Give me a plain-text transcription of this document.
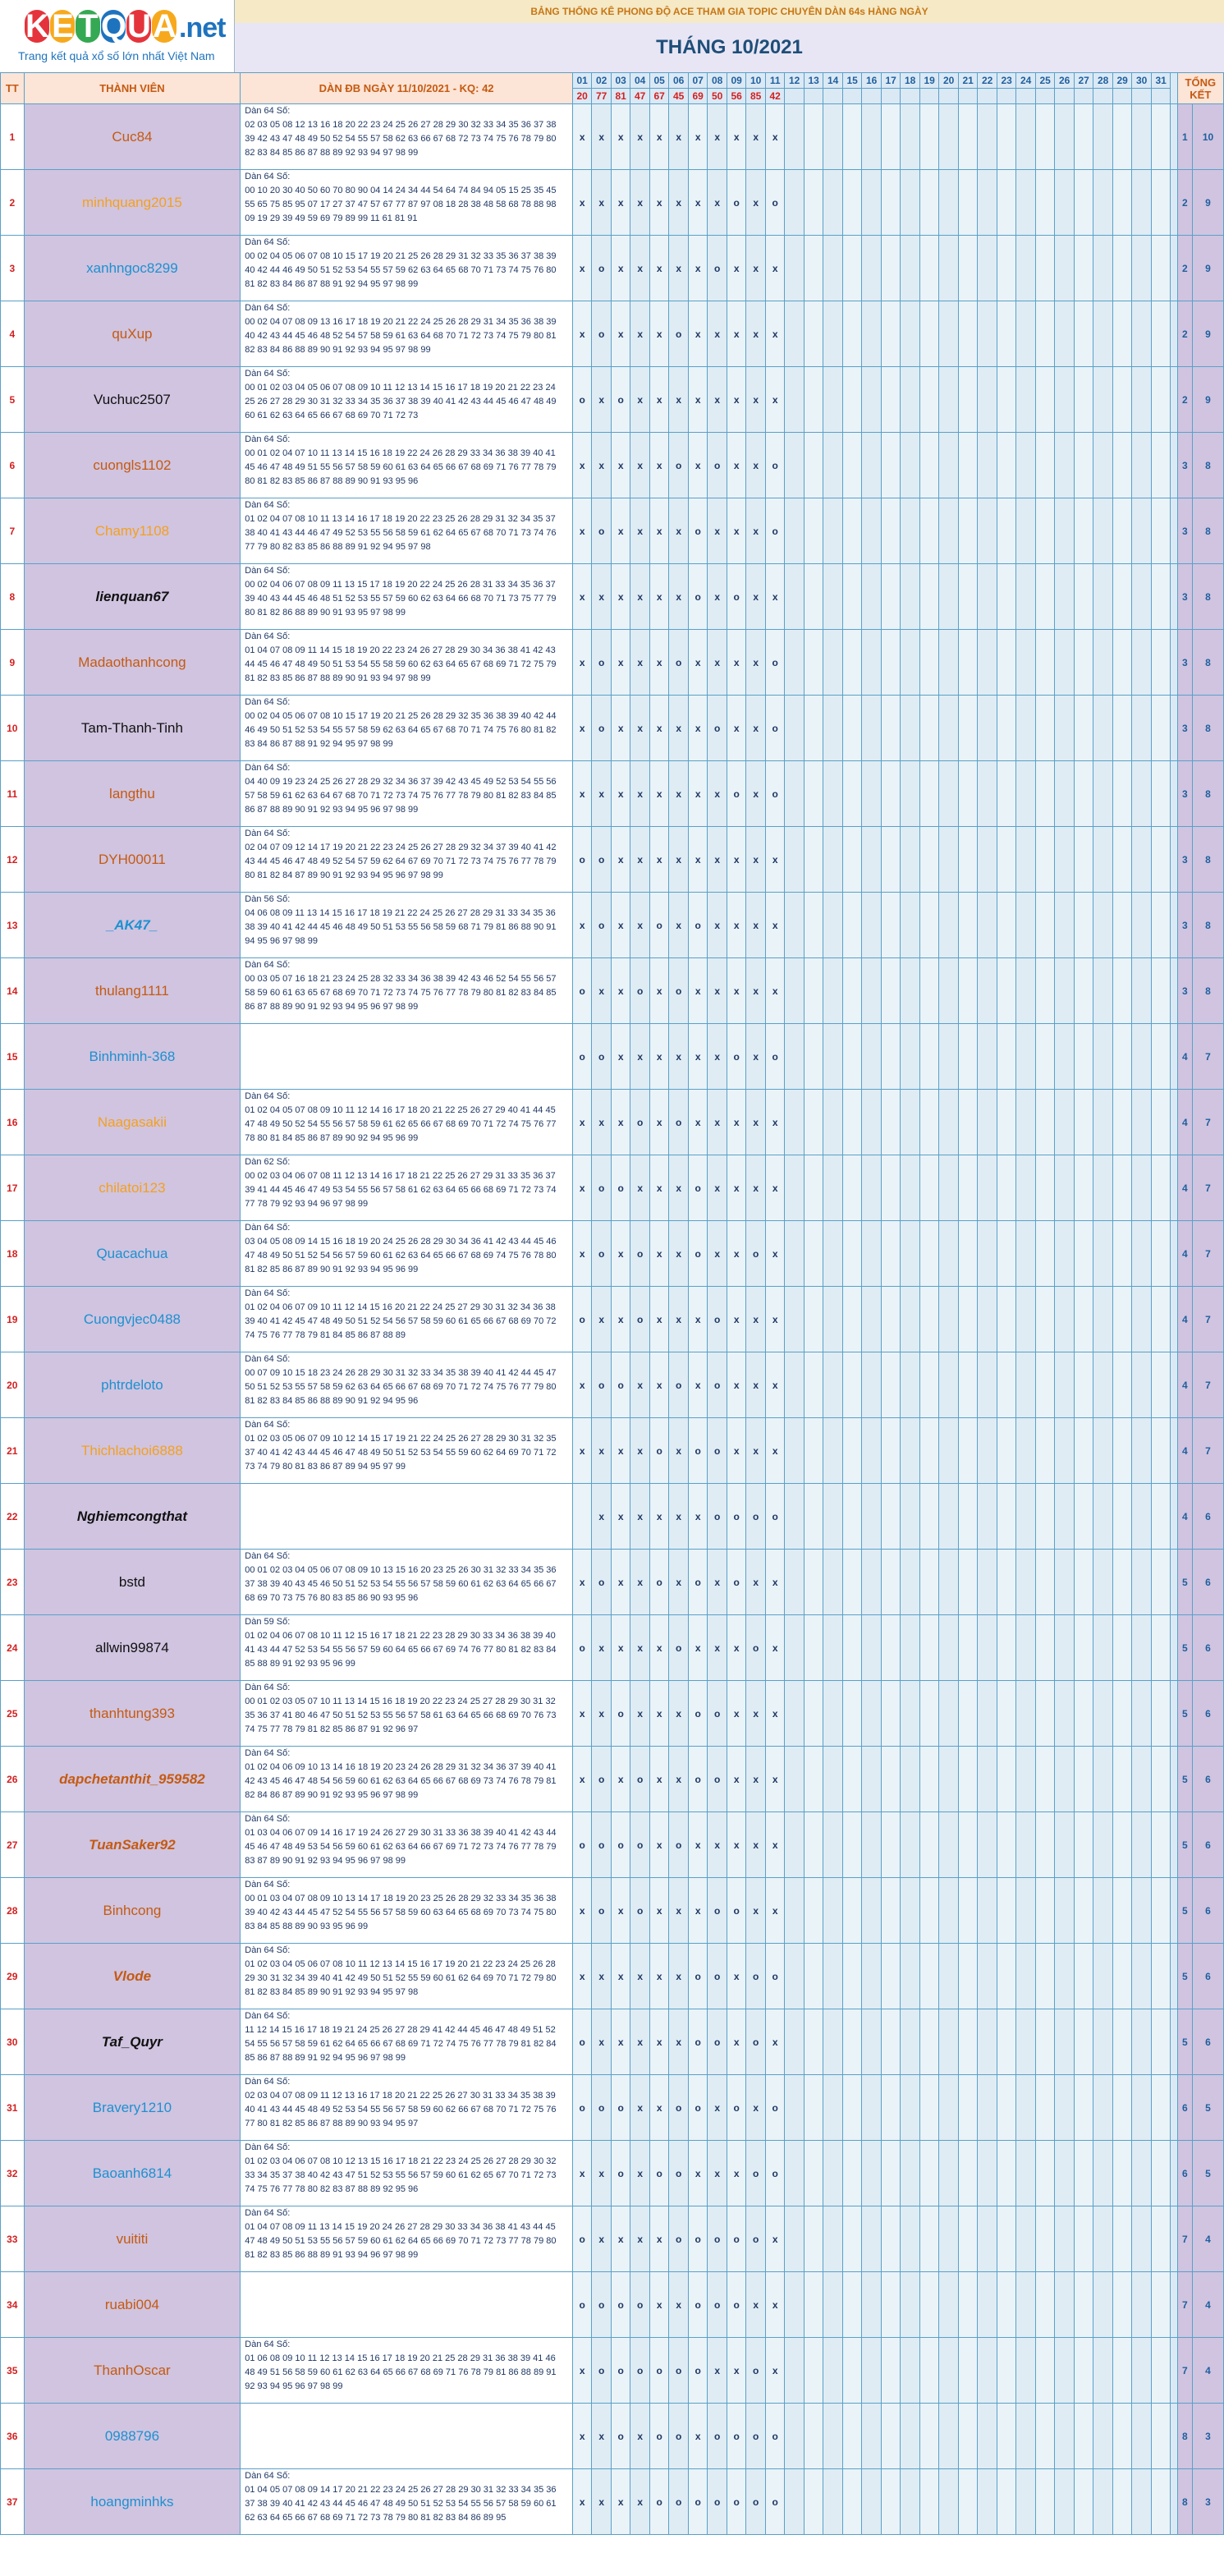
K E T QUA .net
Trang kết quả xổ số lớn nhất Việt Nam
BẢNG THỐNG KÊ PHONG ĐỘ ACE THAM GIA TOPIC CHUYÊN DÀN 64s HÀNG NGÀY
THÁNG 10/2021
TT	THÀNH VIÊN	DÀN ĐB NGÀY 11/10/2021 - KQ: 42	01	02	03	04	05	06	07	08	09	10	11	12	13	14	15	16	17	18	19	20	21	22	23	24	25	26	27	28	29	30	31		TỔNG KẾT	
			20	77	81	47	67	45	69	50	56	85	42																							
1	Cuc84	Dàn 64 Số:
02 03 05 08 12 13 16 18 20 22 23 24 25 26 27 28 29 30 32 33 34 35 36 37 38 39 42 43 47 48 49 50 52 54 55 57 58 62 63 66 67 68 72 73 74 75 76 78 79 80 82 83 84 85 86 87 88 89 92 93 94 97 98 99	x	x	x	x	x	x	x	x	x	x	x																						1	10
2	minhquang2015	Dàn 64 Số:
00 10 20 30 40 50 60 70 80 90 04 14 24 34 44 54 64 74 84 94 05 15 25 35 45 55 65 75 85 95 07 17 27 37 47 57 67 77 87 97 08 18 28 38 48 58 68 78 88 98 09 19 29 39 49 59 69 79 89 99 11 61 81 91	x	x	x	x	x	x	x	x	o	x	o																						2	9
3	xanhngoc8299	Dàn 64 Số:
00 02 04 05 06 07 08 10 15 17 19 20 21 25 26 28 29 31 32 33 35 36 37 38 39 40 42 44 46 49 50 51 52 53 54 55 57 59 62 63 64 65 68 70 71 73 74 75 76 80 81 82 83 84 86 87 88 91 92 94 95 97 98 99	x	o	x	x	x	x	x	o	x	x	x																						2	9
4	quXup	Dàn 64 Số:
00 02 04 07 08 09 13 16 17 18 19 20 21 22 24 25 26 28 29 31 34 35 36 38 39 40 42 43 44 45 46 48 52 54 57 58 59 61 63 64 68 70 71 72 73 74 75 79 80 81 82 83 84 86 88 89 90 91 92 93 94 95 97 98 99	x	o	x	x	x	o	x	x	x	x	x																						2	9
5	Vuchuc2507	Dàn 64 Số:
00 01 02 03 04 05 06 07 08 09 10 11 12 13 14 15 16 17 18 19 20 21 22 23 24 25 26 27 28 29 30 31 32 33 34 35 36 37 38 39 40 41 42 43 44 45 46 47 48 49 60 61 62 63 64 65 66 67 68 69 70 71 72 73	o	x	o	x	x	x	x	x	x	x	x																						2	9
6	cuongls1102	Dàn 64 Số:
00 01 02 04 07 10 11 13 14 15 16 18 19 22 24 26 28 29 33 34 36 38 39 40 41 45 46 47 48 49 51 55 56 57 58 59 60 61 63 64 65 66 67 68 69 71 76 77 78 79 80 81 82 83 85 86 87 88 89 90 91 93 95 96	x	x	x	x	x	o	x	o	x	x	o																						3	8
7	Chamy1108	Dàn 64 Số:
01 02 04 07 08 10 11 13 14 16 17 18 19 20 22 23 25 26 28 29 31 32 34 35 37 38 40 41 43 44 46 47 49 52 53 55 56 58 59 61 62 64 65 67 68 70 71 73 74 76 77 79 80 82 83 85 86 88 89 91 92 94 95 97 98	x	o	x	x	x	x	o	x	x	x	o																						3	8
8	lienquan67	Dàn 64 Số:
00 02 04 06 07 08 09 11 13 15 17 18 19 20 22 24 25 26 28 31 33 34 35 36 37 39 40 43 44 45 46 48 51 52 53 55 57 59 60 62 63 64 66 68 70 71 73 75 77 79 80 81 82 86 88 89 90 91 93 95 97 98 99	x	x	x	x	x	x	o	x	o	x	x																						3	8
9	Madaothanhcong	Dàn 64 Số:
01 04 07 08 09 11 14 15 18 19 20 22 23 24 26 27 28 29 30 34 36 38 41 42 43 44 45 46 47 48 49 50 51 53 54 55 58 59 60 62 63 64 65 67 68 69 71 72 75 79 81 82 83 85 86 87 88 89 90 91 93 94 97 98 99	x	o	x	x	x	o	x	x	x	x	o																						3	8
10	Tam-Thanh-Tinh	Dàn 64 Số:
00 02 04 05 06 07 08 10 15 17 19 20 21 25 26 28 29 32 35 36 38 39 40 42 44 46 49 50 51 52 53 54 55 57 58 59 62 63 64 65 67 68 70 71 74 75 76 80 81 82 83 84 86 87 88 91 92 94 95 97 98 99	x	o	x	x	x	x	x	o	x	x	o																						3	8
11	langthu	Dàn 64 Số:
04 40 09 19 23 24 25 26 27 28 29 32 34 36 37 39 42 43 45 49 52 53 54 55 56 57 58 59 61 62 63 64 67 68 70 71 72 73 74 75 76 77 78 79 80 81 82 83 84 85 86 87 88 89 90 91 92 93 94 95 96 97 98 99	x	x	x	x	x	x	x	x	o	x	o																						3	8
12	DYH00011	Dàn 64 Số:
02 04 07 09 12 14 17 19 20 21 22 23 24 25 26 27 28 29 32 34 37 39 40 41 42 43 44 45 46 47 48 49 52 54 57 59 62 64 67 69 70 71 72 73 74 75 76 77 78 79 80 81 82 84 87 89 90 91 92 93 94 95 96 97 98 99	o	o	x	x	x	x	x	x	x	x	x																						3	8
13	_AK47_	Dàn 56 Số:
04 06 08 09 11 13 14 15 16 17 18 19 21 22 24 25 26 27 28 29 31 33 34 35 36 38 39 40 41 42 44 45 46 48 49 50 51 53 55 56 58 59 68 71 79 81 86 88 90 91 94 95 96 97 98 99	x	o	x	x	o	x	o	x	x	x	x																						3	8
14	thulang1111	Dàn 64 Số:
00 03 05 07 16 18 21 23 24 25 28 32 33 34 36 38 39 42 43 46 52 54 55 56 57 58 59 60 61 63 65 67 68 69 70 71 72 73 74 75 76 77 78 79 80 81 82 83 84 85 86 87 88 89 90 91 92 93 94 95 96 97 98 99	o	x	x	o	x	o	x	x	x	x	x																						3	8
15	Binhminh-368		o	o	x	x	x	x	x	x	o	x	o																						4	7
16	Naagasakii	Dàn 64 Số:
01 02 04 05 07 08 09 10 11 12 14 16 17 18 20 21 22 25 26 27 29 40 41 44 45 47 48 49 50 52 54 55 56 57 58 59 61 62 65 66 67 68 69 70 71 72 74 75 76 77 78 80 81 84 85 86 87 89 90 92 94 95 96 99	x	x	x	o	x	o	x	x	x	x	x																						4	7
17	chilatoi123	Dàn 62 Số:
00 02 03 04 06 07 08 11 12 13 14 16 17 18 21 22 25 26 27 29 31 33 35 36 37 39 41 44 45 46 47 49 53 54 55 56 57 58 61 62 63 64 65 66 68 69 71 72 73 74 77 78 79 92 93 94 96 97 98 99	x	o	o	x	x	x	o	x	x	x	x																						4	7
18	Quacachua	Dàn 64 Số:
03 04 05 08 09 14 15 16 18 19 20 24 25 26 28 29 30 34 36 41 42 43 44 45 46 47 48 49 50 51 52 54 56 57 59 60 61 62 63 64 65 66 67 68 69 74 75 76 78 80 81 82 85 86 87 89 90 91 92 93 94 95 96 99	x	o	x	o	x	x	o	x	x	o	x																						4	7
19	Cuongvjec0488	Dàn 64 Số:
01 02 04 06 07 09 10 11 12 14 15 16 20 21 22 24 25 27 29 30 31 32 34 36 38 39 40 41 42 45 47 48 49 50 51 52 54 56 57 58 59 60 61 65 66 67 68 69 70 72 74 75 76 77 78 79 81 84 85 86 87 88 89	o	x	x	o	x	x	x	o	x	x	x																						4	7
20	phtrdeloto	Dàn 64 Số:
00 07 09 10 15 18 23 24 26 28 29 30 31 32 33 34 35 38 39 40 41 42 44 45 47 50 51 52 53 55 57 58 59 62 63 64 65 66 67 68 69 70 71 72 74 75 76 77 79 80 81 82 83 84 85 86 88 89 90 91 92 94 95 96	x	o	o	x	x	o	x	o	x	x	x																						4	7
21	Thichlachoi6888	Dàn 64 Số:
01 02 03 05 06 07 09 10 12 14 15 17 19 21 22 24 25 26 27 28 29 30 31 32 35 37 40 41 42 43 44 45 46 47 48 49 50 51 52 53 54 55 59 60 62 64 69 70 71 72 73 74 79 80 81 83 86 87 89 94 95 97 99	x	x	x	x	o	x	o	o	x	x	x																						4	7
22	Nghiemcongthat			x	x	x	x	x	x	o	o	o	o																						4	6
23	bstd	Dàn 64 Số:
00 01 02 03 04 05 06 07 08 09 10 13 15 16 20 23 25 26 30 31 32 33 34 35 36 37 38 39 40 43 45 46 50 51 52 53 54 55 56 57 58 59 60 61 62 63 64 65 66 67 68 69 70 73 75 76 80 83 85 86 90 93 95 96	x	o	x	x	o	x	o	x	o	x	x																						5	6
24	allwin99874	Dàn 59 Số:
01 02 04 06 07 08 10 11 12 15 16 17 18 21 22 23 28 29 30 33 34 36 38 39 40 41 43 44 47 52 53 54 55 56 57 59 60 64 65 66 67 69 74 76 77 80 81 82 83 84 85 88 89 91 92 93 95 96 99	o	x	x	x	x	o	x	x	x	o	x																						5	6
25	thanhtung393	Dàn 64 Số:
00 01 02 03 05 07 10 11 13 14 15 16 18 19 20 22 23 24 25 27 28 29 30 31 32 35 36 37 41 80 46 47 50 51 52 53 55 56 57 58 61 63 64 65 66 68 69 70 76 73 74 75 77 78 79 81 82 85 86 87 91 92 96 97	x	x	o	x	x	x	o	o	x	x	x																						5	6
26	dapchetanthit_959582	Dàn 64 Số:
01 02 04 06 09 10 13 14 16 18 19 20 23 24 26 28 29 31 32 34 36 37 39 40 41 42 43 45 46 47 48 54 56 59 60 61 62 63 64 65 66 67 68 69 73 74 76 78 79 81 82 84 86 87 89 90 91 92 93 95 96 97 98 99	x	o	x	o	x	x	o	o	x	x	x																						5	6
27	TuanSaker92	Dàn 64 Số:
01 03 04 06 07 09 14 16 17 19 24 26 27 29 30 31 33 36 38 39 40 41 42 43 44 45 46 47 48 49 53 54 56 59 60 61 62 63 64 66 67 69 71 72 73 74 76 77 78 79 83 87 89 90 91 92 93 94 95 96 97 98 99	o	o	o	o	x	o	x	x	x	x	x																						5	6
28	Binhcong	Dàn 64 Số:
00 01 03 04 07 08 09 10 13 14 17 18 19 20 23 25 26 28 29 32 33 34 35 36 38 39 40 42 43 44 45 47 52 54 55 56 57 58 59 60 63 64 65 68 69 70 73 74 75 80 83 84 85 88 89 90 93 95 96 99	x	o	x	o	x	x	x	o	o	x	x																						5	6
29	Vlode	Dàn 64 Số:
01 02 03 04 05 06 07 08 10 11 12 13 14 15 16 17 19 20 21 22 23 24 25 26 28 29 30 31 32 34 39 40 41 42 49 50 51 52 55 59 60 61 62 64 69 70 71 72 79 80 81 82 83 84 85 89 90 91 92 93 94 95 97 98	x	x	x	x	x	x	o	o	x	o	o																						5	6
30	Taf_Quyr	Dàn 64 Số:
11 12 14 15 16 17 18 19 21 24 25 26 27 28 29 41 42 44 45 46 47 48 49 51 52 54 55 56 57 58 59 61 62 64 65 66 67 68 69 71 72 74 75 76 77 78 79 81 82 84 85 86 87 88 89 91 92 94 95 96 97 98 99	o	x	x	x	x	x	o	o	x	o	x																						5	6
31	Bravery1210	Dàn 64 Số:
02 03 04 07 08 09 11 12 13 16 17 18 20 21 22 25 26 27 30 31 33 34 35 38 39 40 41 43 44 45 48 49 52 53 54 55 56 57 58 59 60 62 66 67 68 70 71 72 75 76 77 80 81 82 85 86 87 88 89 90 93 94 95 97	o	o	o	x	x	o	o	x	o	x	o																						6	5
32	Baoanh6814	Dàn 64 Số:
01 02 03 04 06 07 08 10 12 13 15 16 17 18 21 22 23 24 25 26 27 28 29 30 32 33 34 35 37 38 40 42 43 47 51 52 53 55 56 57 59 60 61 62 65 67 70 71 72 73 74 75 76 77 78 80 82 83 87 88 89 92 95 96	x	x	o	x	o	o	x	x	x	o	o																						6	5
33	vuititi	Dàn 64 Số:
01 04 07 08 09 11 13 14 15 19 20 24 26 27 28 29 30 33 34 36 38 41 43 44 45 47 48 49 50 51 53 55 56 57 59 60 61 62 64 65 66 69 70 71 72 73 77 78 79 80 81 82 83 85 86 88 89 91 93 94 96 97 98 99	o	x	x	x	x	o	o	o	o	o	x																						7	4
34	ruabi004		o	o	o	o	x	x	o	o	o	x	x																						7	4
35	ThanhOscar	Dàn 64 Số:
01 06 08 09 10 11 12 13 14 15 16 17 18 19 20 21 25 28 29 31 36 38 39 41 46 48 49 51 56 58 59 60 61 62 63 64 65 66 67 68 69 71 76 78 79 81 86 88 89 91 92 93 94 95 96 97 98 99	x	o	o	o	o	o	o	x	x	o	x																						7	4
36	0988796		x	x	o	x	o	o	x	o	o	o	o																						8	3
37	hoangminhks	Dàn 64 Số:
01 04 05 07 08 09 14 17 20 21 22 23 24 25 26 27 28 29 30 31 32 33 34 35 36 37 38 39 40 41 42 43 44 45 46 47 48 49 50 51 52 53 54 55 56 57 58 59 60 61 62 63 64 65 66 67 68 69 71 72 73 78 79 80 81 82 83 84 86 89 95	x	x	x	x	o	o	o	o	o	o	o																						8	3
